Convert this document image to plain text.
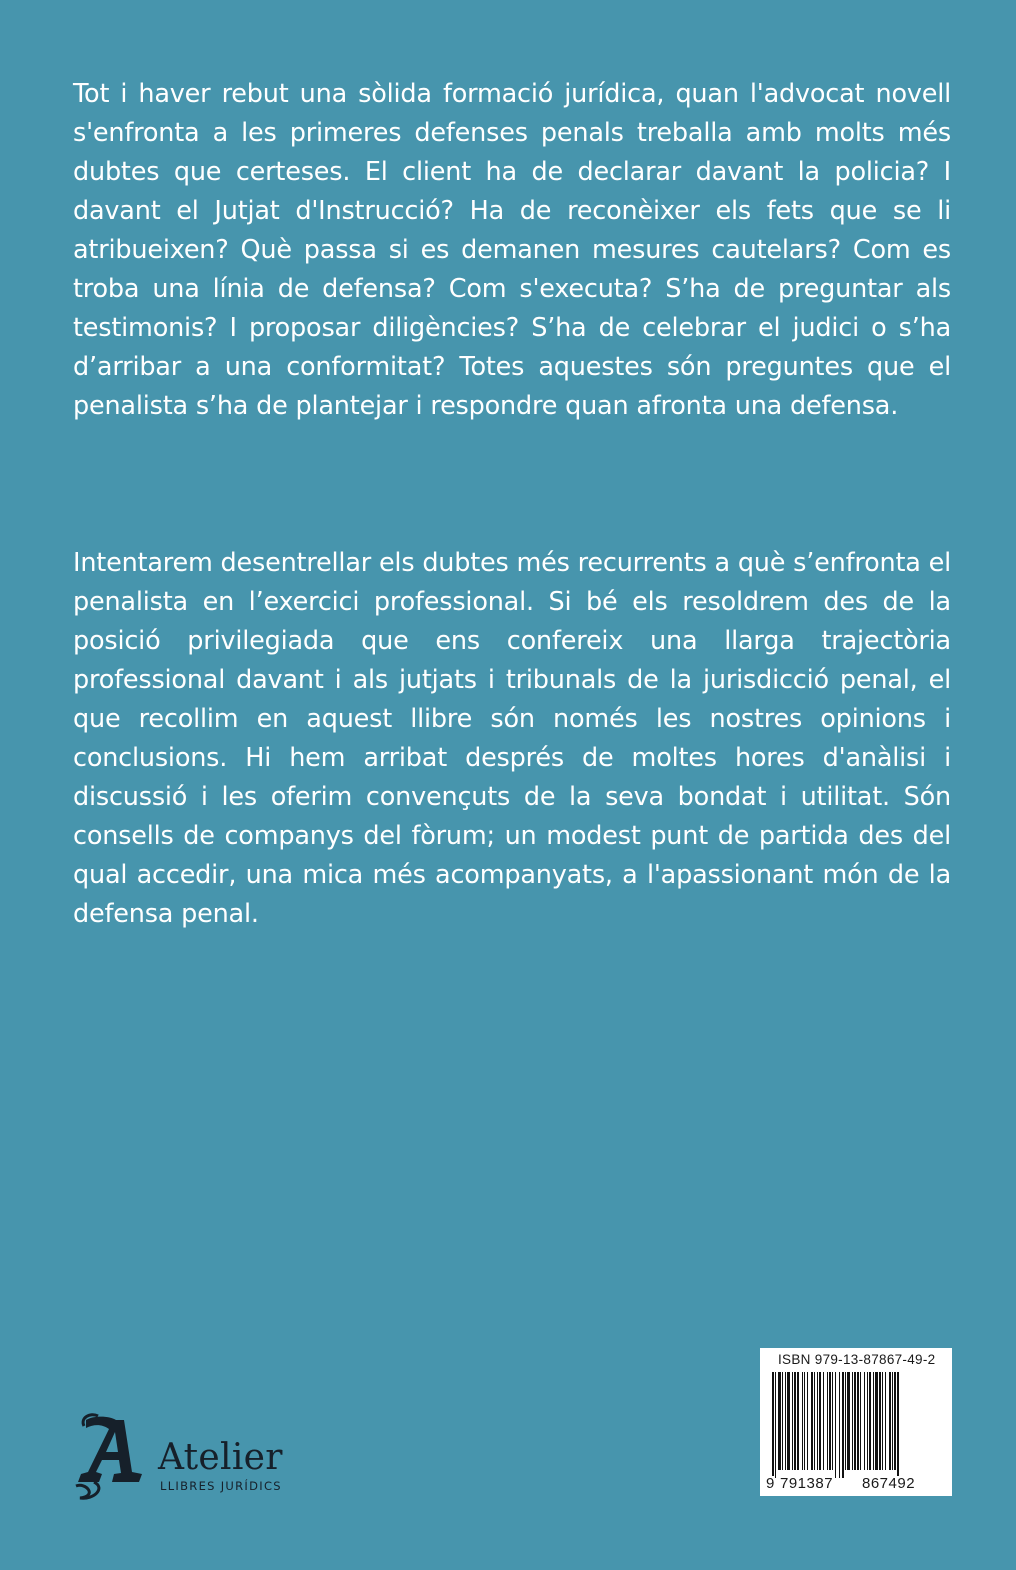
Tot i haver rebut una sòlida formació jurídica, quan l'advocat novell s'enfronta a les primeres defenses penals treballa amb molts més dubtes que certeses. El client ha de declarar davant la policia? I davant el Jutjat d'Instrucció? Ha de reconèixer els fets que se li atribueixen? Què passa si es demanen mesures cautelars? Com es troba una línia de defensa? Com s'executa? S’ha de preguntar als testimonis? I proposar diligències? S’ha de celebrar el judici o s’ha d’arribar a una conformitat? Totes aquestes són preguntes que el penalista s’ha de plantejar i respondre quan afronta una defensa.
Intentarem desentrellar els dubtes més recurrents a què s’enfronta el penalista en l’exercici professional. Si bé els resoldrem des de la posició privilegiada que ens confereix una llarga trajectòria professional davant i als jutjats i tribunals de la jurisdicció penal, el que recollim en aquest llibre són només les nostres opinions i conclusions. Hi hem arribat després de moltes hores d'anàlisi i discussió i les oferim convençuts de la seva bondat i utilitat. Són consells de companys del fòrum; un modest punt de partida des del qual accedir, una mica més acompanyats, a l'apassionant món de la defensa penal.
Atelier
LLIBRES JURÍDICS
ISBN 979-13-87867-49-2
9 791387 867492
